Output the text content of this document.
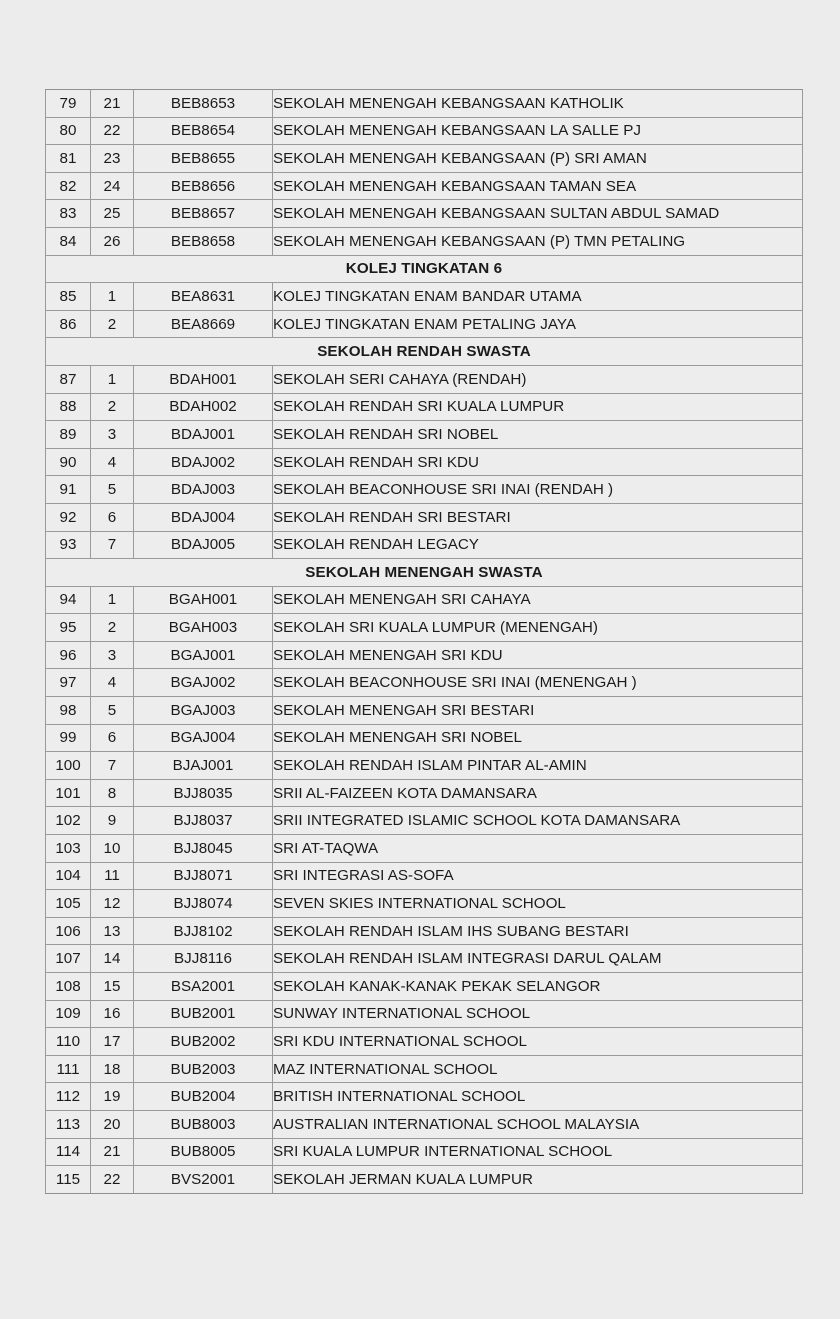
79	21	BEB8653	SEKOLAH MENENGAH KEBANGSAAN KATHOLIK
80	22	BEB8654	SEKOLAH MENENGAH KEBANGSAAN LA SALLE PJ
81	23	BEB8655	SEKOLAH MENENGAH KEBANGSAAN (P) SRI AMAN
82	24	BEB8656	SEKOLAH MENENGAH KEBANGSAAN TAMAN SEA
83	25	BEB8657	SEKOLAH MENENGAH KEBANGSAAN SULTAN ABDUL SAMAD
84	26	BEB8658	SEKOLAH MENENGAH KEBANGSAAN (P) TMN PETALING
KOLEJ TINGKATAN 6			
85	1	BEA8631	KOLEJ TINGKATAN ENAM BANDAR UTAMA
86	2	BEA8669	KOLEJ TINGKATAN ENAM PETALING JAYA
SEKOLAH RENDAH SWASTA			
87	1	BDAH001	SEKOLAH SERI CAHAYA (RENDAH)
88	2	BDAH002	SEKOLAH RENDAH SRI KUALA LUMPUR
89	3	BDAJ001	SEKOLAH RENDAH SRI NOBEL
90	4	BDAJ002	SEKOLAH RENDAH SRI KDU
91	5	BDAJ003	SEKOLAH BEACONHOUSE SRI INAI (RENDAH )
92	6	BDAJ004	SEKOLAH RENDAH SRI BESTARI
93	7	BDAJ005	SEKOLAH RENDAH LEGACY
SEKOLAH MENENGAH SWASTA			
94	1	BGAH001	SEKOLAH MENENGAH SRI CAHAYA
95	2	BGAH003	SEKOLAH SRI KUALA LUMPUR (MENENGAH)
96	3	BGAJ001	SEKOLAH MENENGAH SRI KDU
97	4	BGAJ002	SEKOLAH BEACONHOUSE SRI INAI (MENENGAH )
98	5	BGAJ003	SEKOLAH MENENGAH SRI BESTARI
99	6	BGAJ004	SEKOLAH MENENGAH SRI NOBEL
100	7	BJAJ001	SEKOLAH RENDAH ISLAM PINTAR AL-AMIN
101	8	BJJ8035	SRII AL-FAIZEEN KOTA DAMANSARA
102	9	BJJ8037	SRII INTEGRATED ISLAMIC SCHOOL KOTA DAMANSARA
103	10	BJJ8045	SRI AT-TAQWA
104	11	BJJ8071	SRI INTEGRASI AS-SOFA
105	12	BJJ8074	SEVEN SKIES INTERNATIONAL SCHOOL
106	13	BJJ8102	SEKOLAH RENDAH ISLAM IHS SUBANG BESTARI
107	14	BJJ8116	SEKOLAH RENDAH ISLAM INTEGRASI DARUL QALAM
108	15	BSA2001	SEKOLAH KANAK-KANAK PEKAK SELANGOR
109	16	BUB2001	SUNWAY INTERNATIONAL SCHOOL
110	17	BUB2002	SRI KDU INTERNATIONAL SCHOOL
111	18	BUB2003	MAZ INTERNATIONAL SCHOOL
112	19	BUB2004	BRITISH INTERNATIONAL SCHOOL
113	20	BUB8003	AUSTRALIAN INTERNATIONAL SCHOOL MALAYSIA
114	21	BUB8005	SRI KUALA LUMPUR INTERNATIONAL SCHOOL
115	22	BVS2001	SEKOLAH JERMAN KUALA LUMPUR
